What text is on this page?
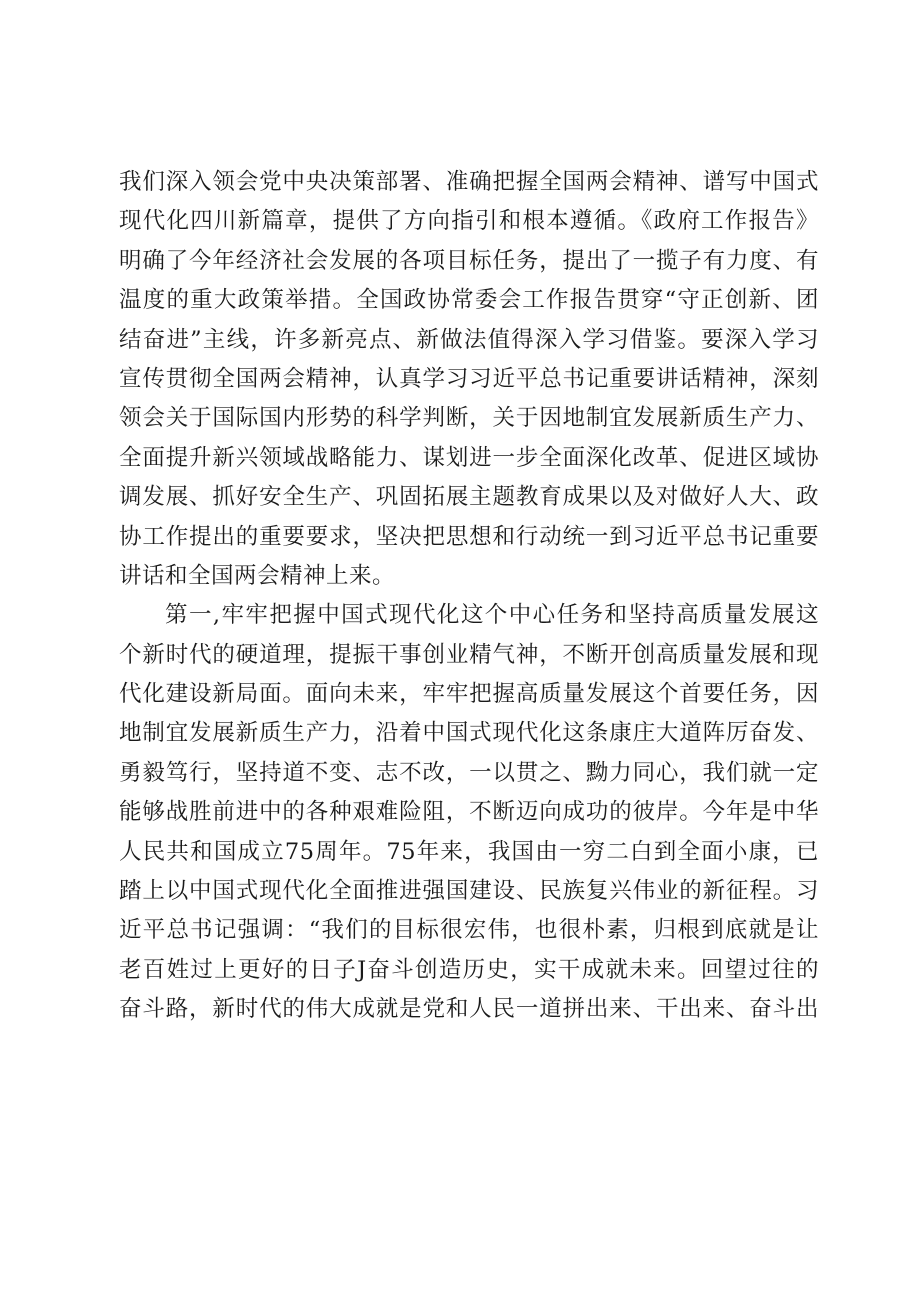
我们深入领会党中央决策部署、准确把握全国两会精神、谱写中国式
现代化四川新篇章，提供了方向指引和根本遵循。《政府工作报告》
明确了今年经济社会发展的各项目标任务，提出了一揽子有力度、有
温度的重大政策举措。全国政协常委会工作报告贯穿“守正创新、团
结奋进”主线，许多新亮点、新做法值得深入学习借鉴。要深入学习
宣传贯彻全国两会精神，认真学习习近平总书记重要讲话精神，深刻
领会关于国际国内形势的科学判断，关于因地制宜发展新质生产力、
全面提升新兴领域战略能力、谋划进一步全面深化改革、促进区域协
调发展、抓好安全生产、巩固拓展主题教育成果以及对做好人大、政
协工作提出的重要要求，坚决把思想和行动统一到习近平总书记重要
讲话和全国两会精神上来。
第一,牢牢把握中国式现代化这个中心任务和坚持高质量发展这
个新时代的硬道理，提振干事创业精气神，不断开创高质量发展和现
代化建设新局面。面向未来，牢牢把握高质量发展这个首要任务，因
地制宜发展新质生产力，沿着中国式现代化这条康庄大道阵厉奋发、
勇毅笃行，坚持道不变、志不改，一以贯之、黝力同心，我们就一定
能够战胜前进中的各种艰难险阻，不断迈向成功的彼岸。今年是中华
人民共和国成立75周年。75年来，我国由一穷二白到全面小康，已
踏上以中国式现代化全面推进强国建设、民族复兴伟业的新征程。习
近平总书记强调：“我们的目标很宏伟，也很朴素，归根到底就是让
老百姓过上更好的日子J奋斗创造历史，实干成就未来。回望过往的
奋斗路，新时代的伟大成就是党和人民一道拼出来、干出来、奋斗出
